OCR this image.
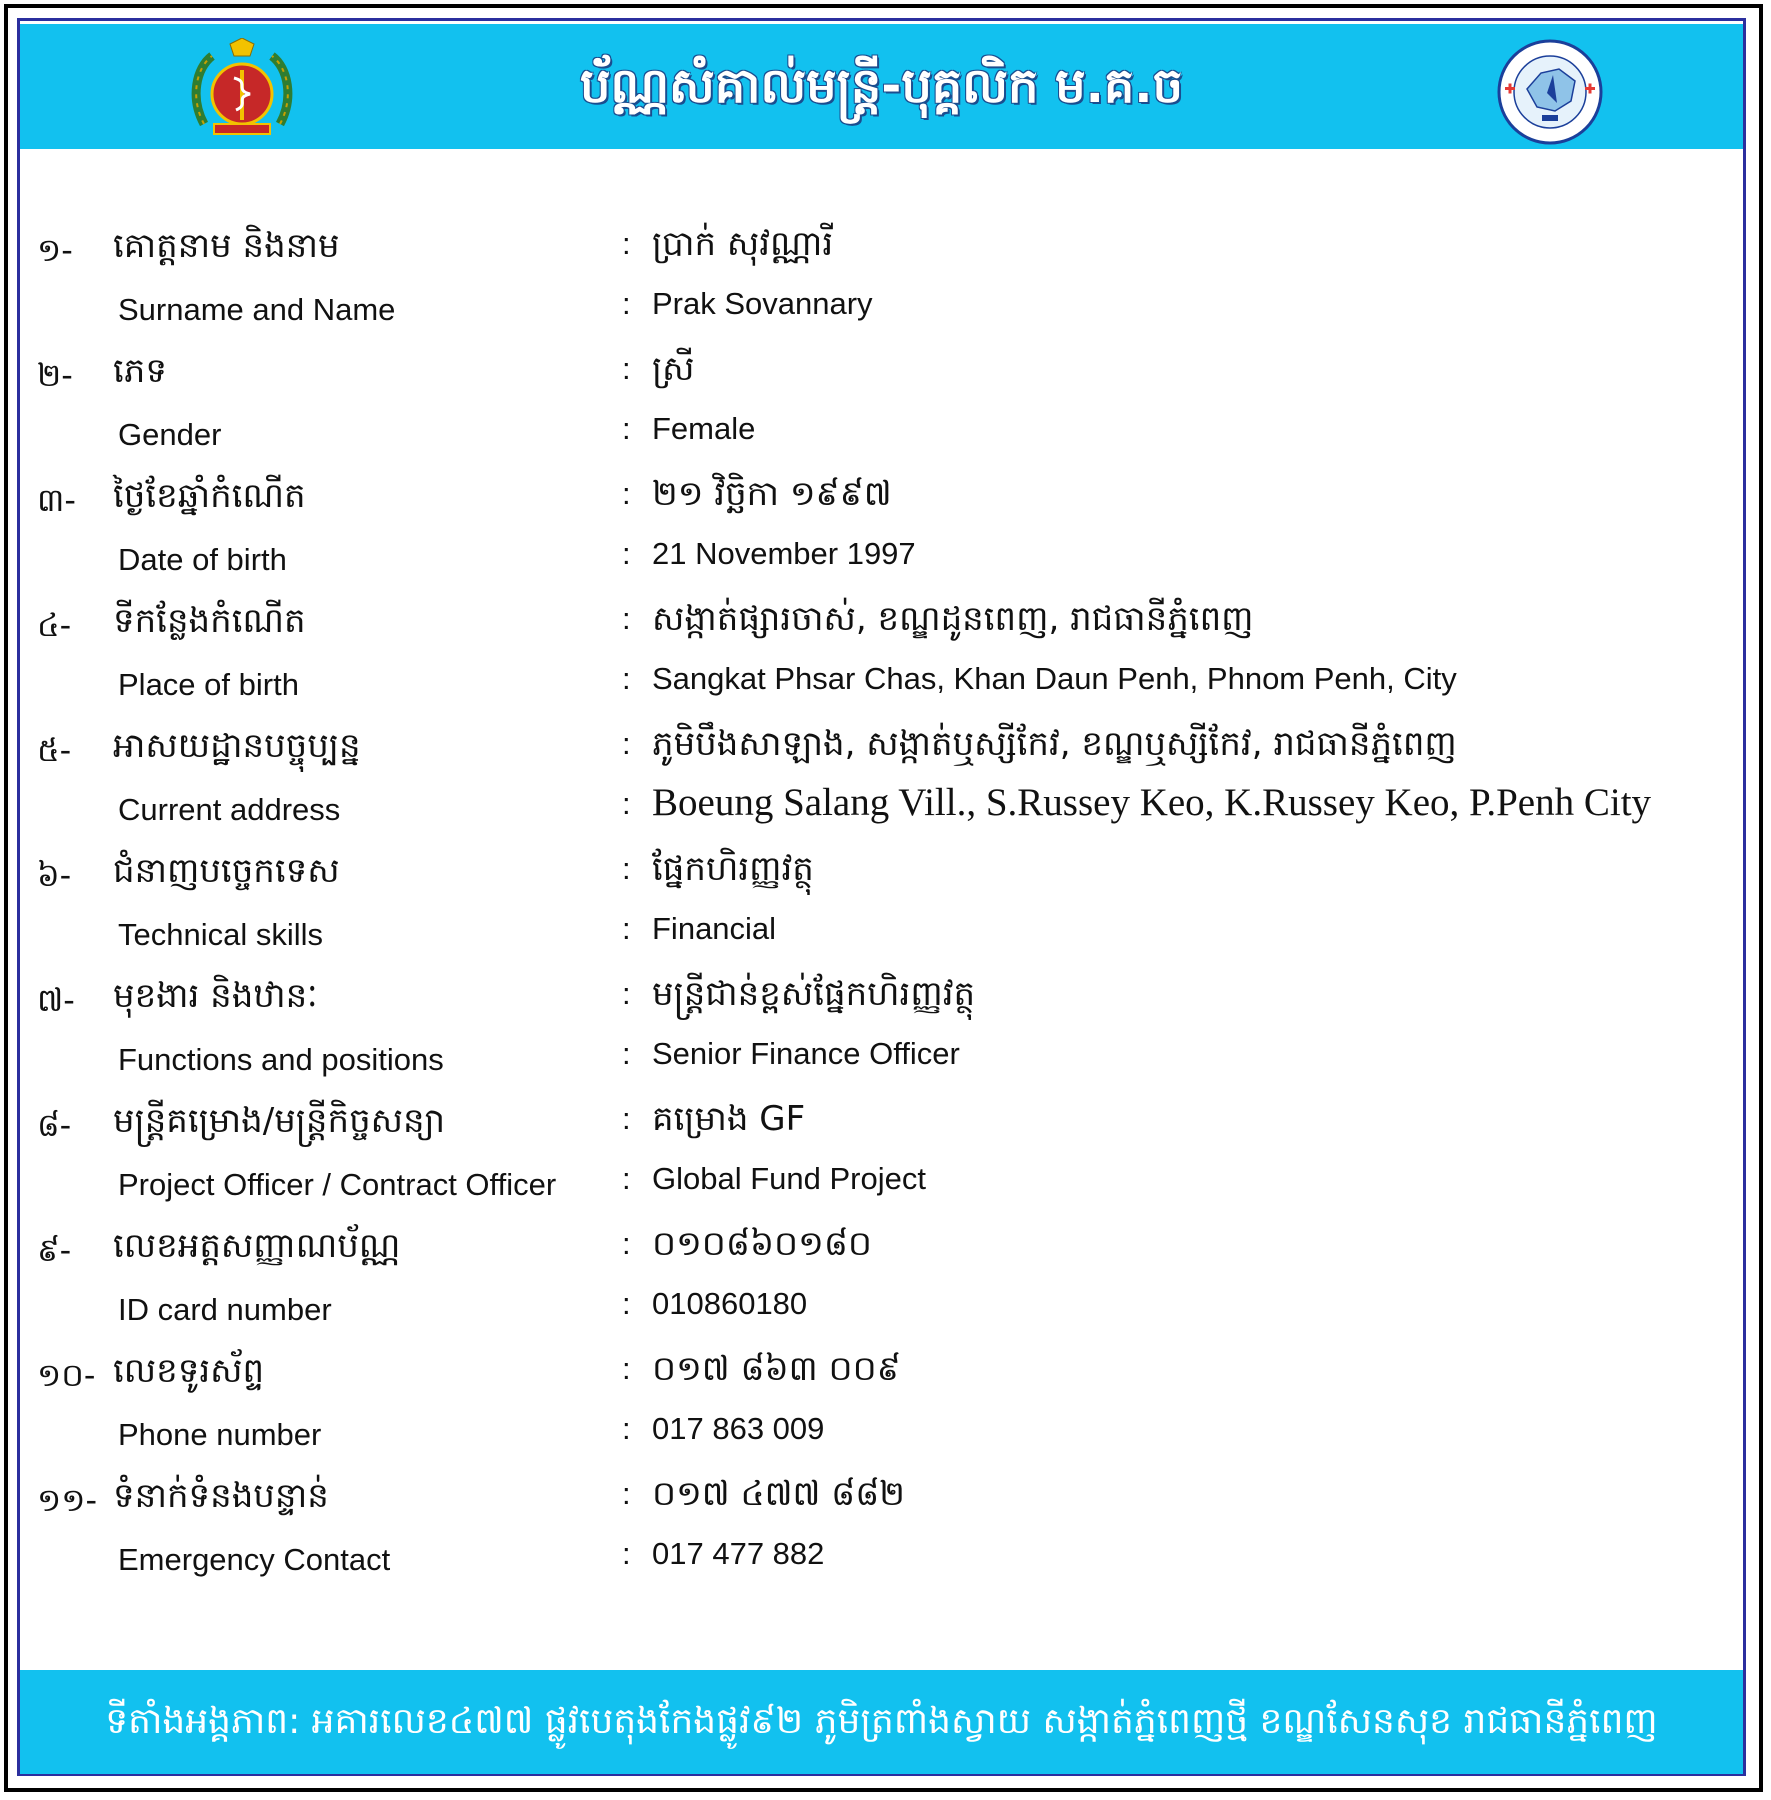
ប័ណ្ណសំគាល់មន្ត្រី-បុគ្គលិក ម.គ.ច
១- គោត្តនាម និងនាម	: ប្រាក់ សុវណ្ណារី
Surname and Name	: Prak Sovannary
២- ភេទ	: ស្រី
Gender	: Female
៣- ថ្ងៃខែឆ្នាំកំណើត	: ២១ វិច្ឆិកា ១៩៩៧
Date of birth	: 21 November 1997
៤- ទីកន្លែងកំណើត	: សង្កាត់ផ្សារចាស់, ខណ្ឌដូនពេញ, រាជធានីភ្នំពេញ
Place of birth	: Sangkat Phsar Chas, Khan Daun Penh, Phnom Penh, City
៥- អាសយដ្ឋានបច្ចុប្បន្ន	: ភូមិបឹងសាឡាង, សង្កាត់ឬស្សីកែវ, ខណ្ឌឬស្សីកែវ, រាជធានីភ្នំពេញ
Current address	: Boeung Salang Vill., S.Russey Keo, K.Russey Keo, P.Penh City
៦- ជំនាញបច្ចេកទេស	: ផ្នែកហិរញ្ញវត្ថុ
Technical skills	: Financial
៧- មុខងារ និងឋានៈ	: មន្ត្រីជាន់ខ្ពស់ផ្នែកហិរញ្ញវត្ថុ
Functions and positions	: Senior Finance Officer
៨- មន្ត្រីគម្រោង/មន្ត្រីកិច្ចសន្យា	: គម្រោង GF
Project Officer / Contract Officer : Global Fund Project
៩- លេខអត្តសញ្ញាណប័ណ្ណ	: ០១០៨៦០១៨០
ID card number	: 010860180
១០- លេខទូរស័ព្ទ	: ០១៧ ៨៦៣ ០០៩
Phone number	: 017 863 009
១១- ទំនាក់ទំនងបន្ទាន់	: ០១៧ ៤៧៧ ៨៨២
Emergency Contact	: 017 477 882
ទីតាំងអង្គភាព: អគារលេខ៤៧៧ ផ្លូវបេតុងកែងផ្លូវ៩២ ភូមិត្រពាំងស្វាយ សង្កាត់ភ្នំពេញថ្មី ខណ្ឌសែនសុខ រាជធានីភ្នំពេញ
